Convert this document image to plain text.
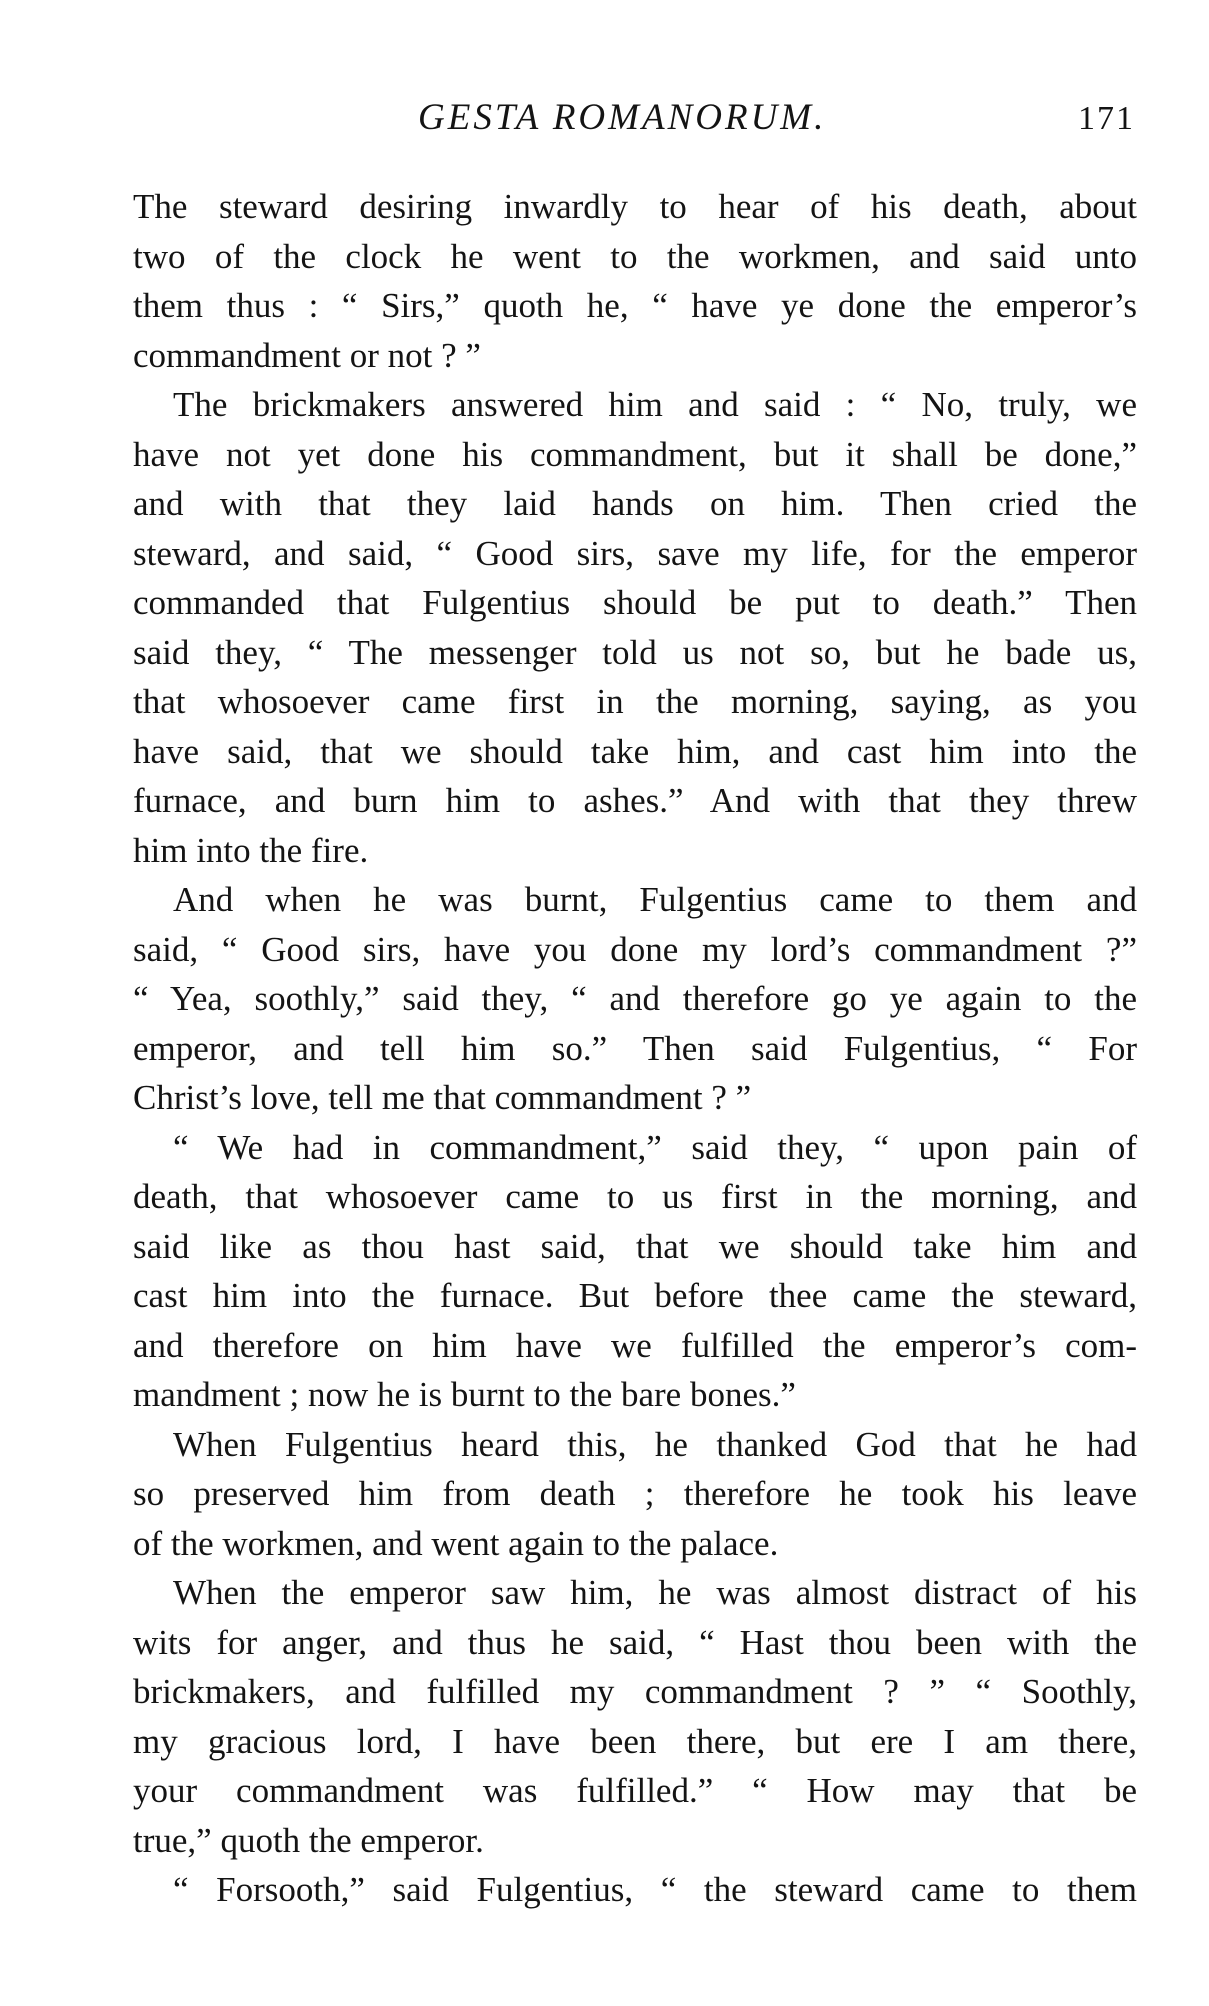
GESTA ROMANORUM.	171
The steward desiring inwardly to hear of his death, about
two of the clock he went to the workmen, and said unto
them thus : “ Sirs,” quoth he, “ have ye done the emperor’s
commandment or not ? ”
The brickmakers answered him and said : “ No, truly, we
have not yet done his commandment, but it shall be done,”
and with that they laid hands on him. Then cried the
steward, and said, “ Good sirs, save my life, for the emperor
commanded that Fulgentius should be put to death.” Then
said they, “ The messenger told us not so, but he bade us,
that whosoever came first in the morning, saying, as you
have said, that we should take him, and cast him into the
furnace, and burn him to ashes.” And with that they threw
him into the fire.
And when he was burnt, Fulgentius came to them and
said, “ Good sirs, have you done my lord’s commandment ?”
“ Yea, soothly,” said they, “ and therefore go ye again to the
emperor, and tell him so.” Then said Fulgentius, “ For
Christ’s love, tell me that commandment ? ”
“ We had in commandment,” said they, “ upon pain of
death, that whosoever came to us first in the morning, and
said like as thou hast said, that we should take him and
cast him into the furnace. But before thee came the steward,
and therefore on him have we fulfilled the emperor’s com-
mandment ; now he is burnt to the bare bones.”
When Fulgentius heard this, he thanked God that he had
so preserved him from death ; therefore he took his leave
of the workmen, and went again to the palace.
When the emperor saw him, he was almost distract of his
wits for anger, and thus he said, “ Hast thou been with the
brickmakers, and fulfilled my commandment ? ” “ Soothly,
my gracious lord, I have been there, but ere I am there,
your commandment was fulfilled.” “ How may that be
true,” quoth the emperor.
“ Forsooth,” said Fulgentius, “ the steward came to them
